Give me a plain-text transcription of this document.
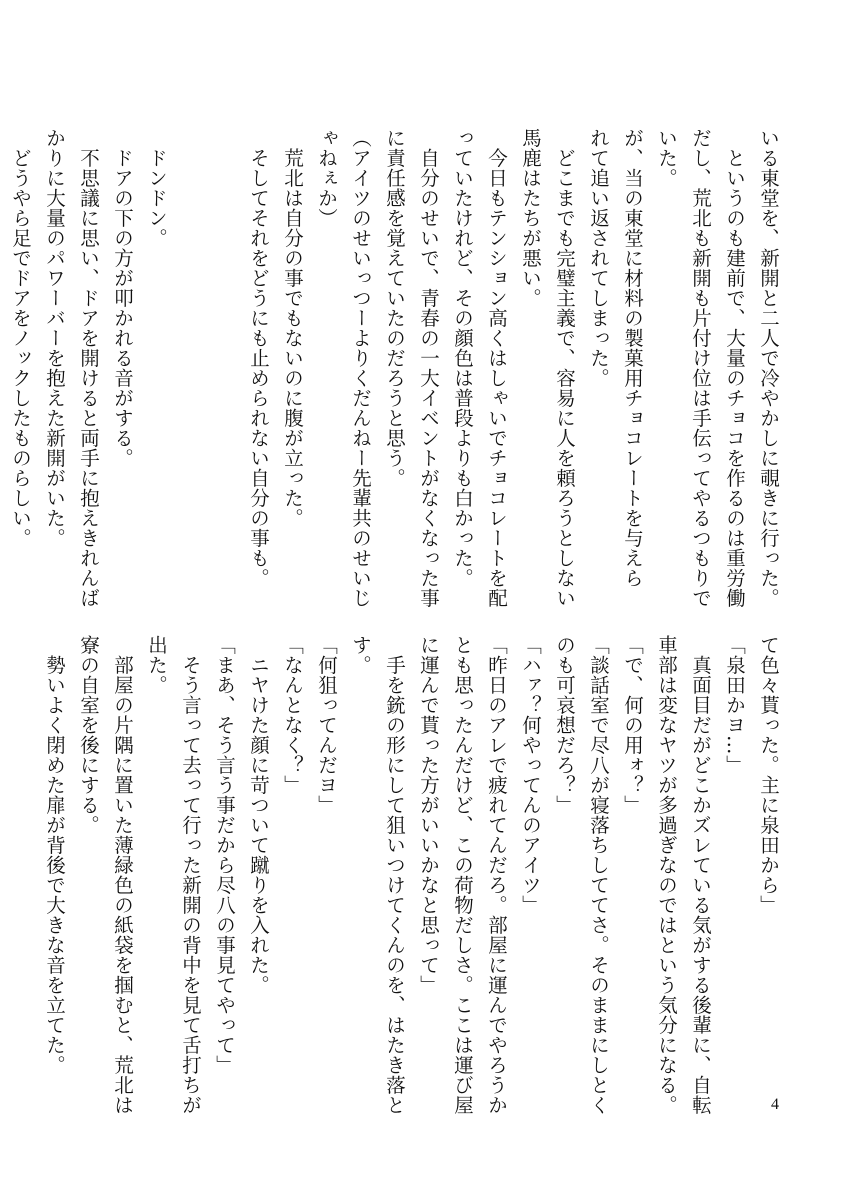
いる東堂を、新開と二人で冷やかしに覗きに行った。
　というのも建前で、大量のチョコを作るのは重労働
だし、荒北も新開も片付け位は手伝ってやるつもりで
いた。
が、当の東堂に材料の製菓用チョコレートを与えら
れて追い返されてしまった。
　どこまでも完璧主義で、容易に人を頼ろうとしない
馬鹿はたちが悪い。
　今日もテンション高くはしゃいでチョコレートを配
っていたけれど、その顔色は普段よりも白かった。
　自分のせいで、青春の一大イベントがなくなった事
に責任感を覚えていたのだろうと思う。
（アイツのせいっつーよりくだんねー先輩共のせいじ
ゃねぇか）
　荒北は自分の事でもないのに腹が立った。
　そしてそれをどうにも止められない自分の事も。

　ドンドン。
　ドアの下の方が叩かれる音がする。
　不思議に思い、ドアを開けると両手に抱えきれんば
かりに大量のパワーバーを抱えた新開がいた。
　どうやら足でドアをノックしたものらしい。
て色々貰った。主に泉田から」
「泉田かヨ…」
　真面目だがどこかズレている気がする後輩に、自転
車部は変なヤツが多過ぎなのではという気分になる。
「で、何の用ォ？」
「談話室で尽八が寝落ちしててさ。そのままにしとく
のも可哀想だろ？」
「ハァ？何やってんのアイツ」
「昨日のアレで疲れてんだろ。部屋に運んでやろうか
とも思ったんだけど、この荷物だしさ。ここは運び屋
に運んで貰った方がいいかなと思って」
　手を銃の形にして狙いつけてくんのを、はたき落と
す。
「何狙ってんだヨ」
「なんとなく？」
　ニヤけた顔に苛ついて蹴りを入れた。
「まあ、そう言う事だから尽八の事見てやって」
　そう言って去って行った新開の背中を見て舌打ちが
出た。
　部屋の片隅に置いた薄緑色の紙袋を掴むと、荒北は
寮の自室を後にする。
　勢いよく閉めた扉が背後で大きな音を立てた。

4
